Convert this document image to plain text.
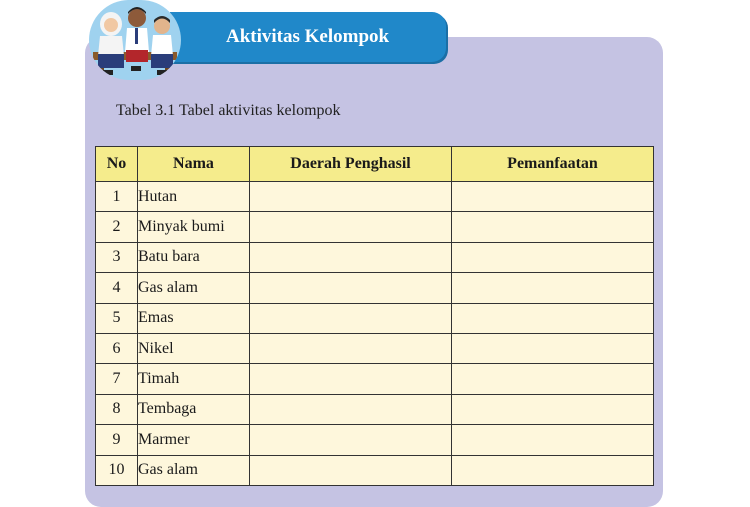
Aktivitas Kelompok
Tabel 3.1 Tabel aktivitas kelompok
No	Nama	Daerah Penghasil	Pemanfaatan
1	Hutan		
2	Minyak bumi		
3	Batu bara		
4	Gas alam		
5	Emas		
6	Nikel		
7	Timah		
8	Tembaga		
9	Marmer		
10	Gas alam		
